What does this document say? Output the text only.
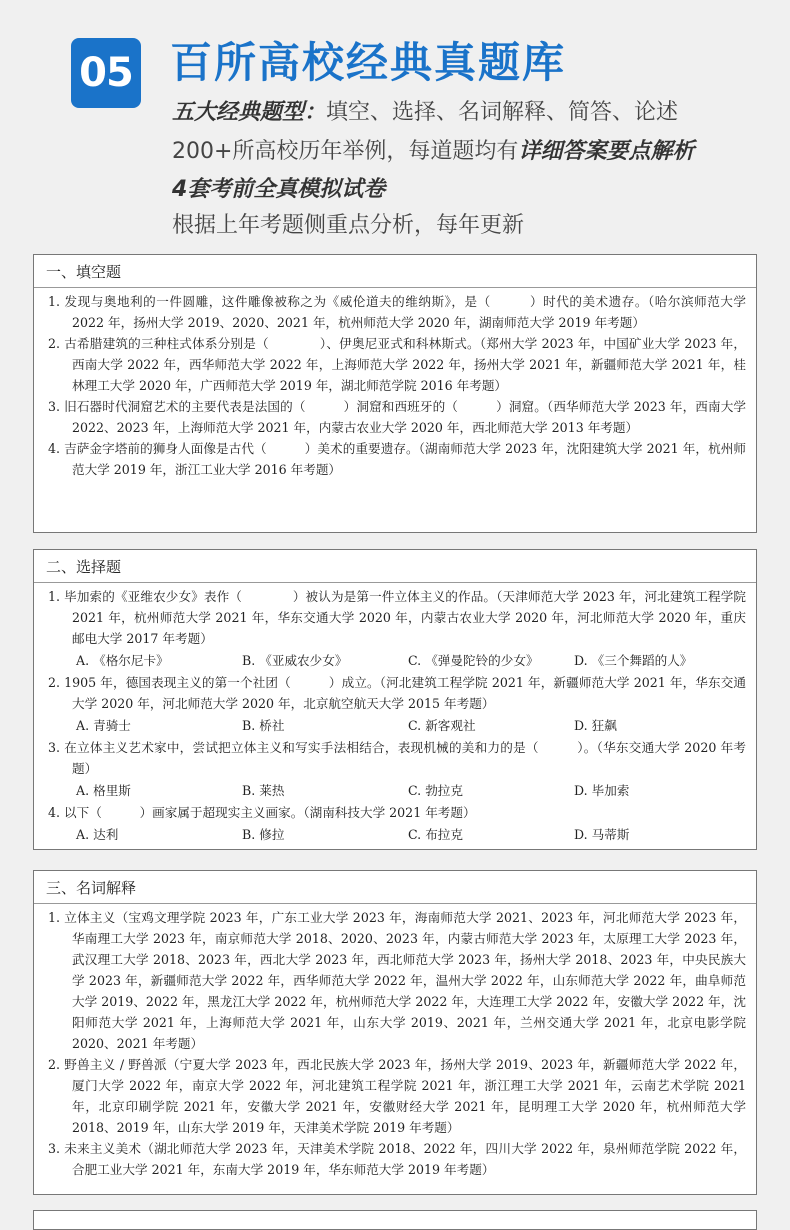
05 百所高校经典真题库
五大经典题型：填空、选择、名词解释、简答、论述
200+所高校历年举例，每道题均有详细答案要点解析
4套考前全真模拟试卷
根据上年考题侧重点分析，每年更新
一、填空题

1. 发现与奥地利的一件圆雕，这件雕像被称之为《威伦道夫的维纳斯》，是（　　　）时代的美术遗存。（哈尔滨师范大学 2022 年，扬州大学 2019、2020、2021 年，杭州师范大学 2020 年，湖南师范大学 2019 年考题）

2. 古希腊建筑的三种柱式体系分别是（　　　　）、伊奥尼亚式和科林斯式。（郑州大学 2023 年，中国矿业大学 2023 年，西南大学 2022 年，西华师范大学 2022 年，上海师范大学 2022 年，扬州大学 2021 年，新疆师范大学 2021 年，桂林理工大学 2020 年，广西师范大学 2019 年，湖北师范学院 2016 年考题）

3. 旧石器时代洞窟艺术的主要代表是法国的（　　　）洞窟和西班牙的（　　　）洞窟。（西华师范大学 2023 年，西南大学 2022、2023 年，上海师范大学 2021 年，内蒙古农业大学 2020 年，西北师范大学 2013 年考题）

4. 吉萨金字塔前的狮身人面像是古代（　　　）美术的重要遗存。（湖南师范大学 2023 年，沈阳建筑大学 2021 年，杭州师范大学 2019 年，浙江工业大学 2016 年考题）

二、选择题

1. 毕加索的《亚维农少女》表作（　　　　）被认为是第一件立体主义的作品。（天津师范大学 2023 年，河北建筑工程学院 2021 年，杭州师范大学 2021 年，华东交通大学 2020 年，内蒙古农业大学 2020 年，河北师范大学 2020 年，重庆邮电大学 2017 年考题）

A. 《格尔尼卡》	B. 《亚威农少女》	C. 《弹曼陀铃的少女》	D. 《三个舞蹈的人》

2. 1905 年，德国表现主义的第一个社团（　　　）成立。（河北建筑工程学院 2021 年，新疆师范大学 2021 年，华东交通大学 2020 年，河北师范大学 2020 年，北京航空航天大学 2015 年考题）

A. 青骑士	B. 桥社	C. 新客观社	D. 狂飙

3. 在立体主义艺术家中，尝试把立体主义和写实手法相结合，表现机械的美和力的是（　　　）。（华东交通大学 2020 年考题）

A. 格里斯	B. 莱热	C. 勃拉克	D. 毕加索

4. 以下（　　　）画家属于超现实主义画家。（湖南科技大学 2021 年考题）

A. 达利	B. 修拉	C. 布拉克	D. 马蒂斯
三、名词解释

1. 立体主义（宝鸡文理学院 2023 年，广东工业大学 2023 年，海南师范大学 2021、2023 年，河北师范大学 2023 年，华南理工大学 2023 年，南京师范大学 2018、2020、2023 年，内蒙古师范大学 2023 年，太原理工大学 2023 年，武汉理工大学 2018、2023 年，西北大学 2023 年，西北师范大学 2023 年，扬州大学 2018、2023 年，中央民族大学 2023 年，新疆师范大学 2022 年，西华师范大学 2022 年，温州大学 2022 年，山东师范大学 2022 年，曲阜师范大学 2019、2022 年，黑龙江大学 2022 年，杭州师范大学 2022 年，大连理工大学 2022 年，安徽大学 2022 年，沈阳师范大学 2021 年，上海师范大学 2021 年，山东大学 2019、2021 年，兰州交通大学 2021 年，北京电影学院 2020、2021 年考题）

2. 野兽主义 / 野兽派（宁夏大学 2023 年，西北民族大学 2023 年，扬州大学 2019、2023 年，新疆师范大学 2022 年，厦门大学 2022 年，南京大学 2022 年，河北建筑工程学院 2021 年，浙江理工大学 2021 年，云南艺术学院 2021 年，北京印刷学院 2021 年，安徽大学 2021 年，安徽财经大学 2021 年，昆明理工大学 2020 年，杭州师范大学 2018、2019 年，山东大学 2019 年，天津美术学院 2019 年考题）

3. 未来主义美术（湖北师范大学 2023 年，天津美术学院 2018、2022 年，四川大学 2022 年，泉州师范学院 2022 年，合肥工业大学 2021 年，东南大学 2019 年，华东师范大学 2019 年考题）
